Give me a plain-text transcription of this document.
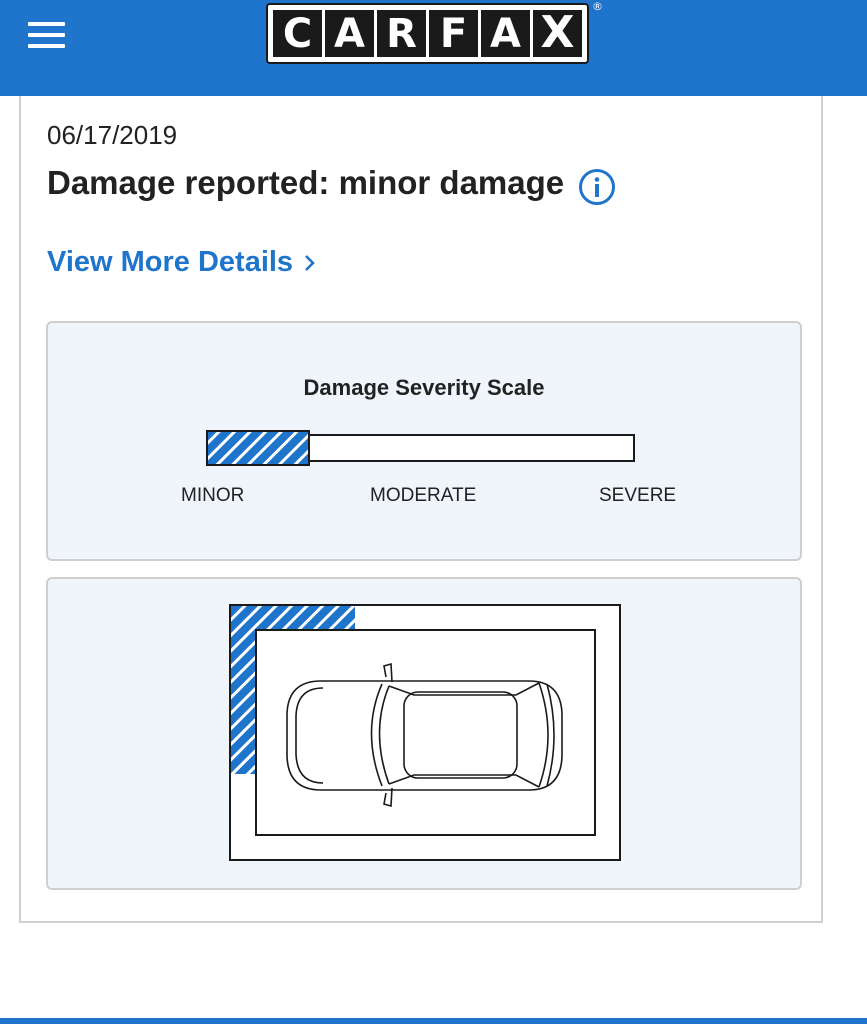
C A R F A X
®
06/17/2019
Damage reported: minor damage
View More Details
Damage Severity Scale
MINOR	MODERATE	SEVERE
